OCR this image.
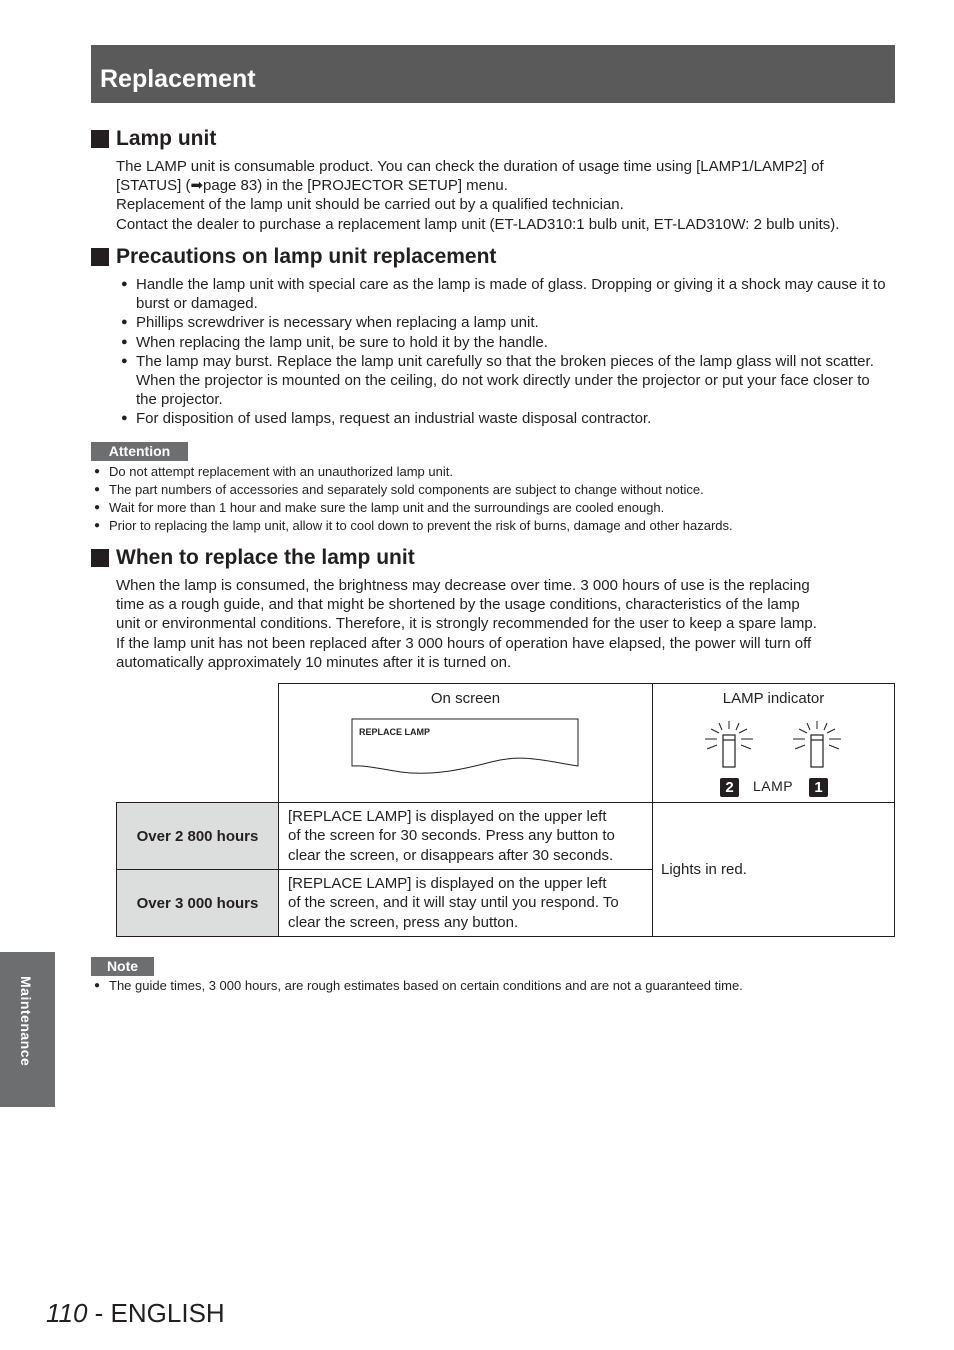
Replacement
Lamp unit

The LAMP unit is consumable product. You can check the duration of usage time using [LAMP1/LAMP2] of

[STATUS] (➡page 83) in the [PROJECTOR SETUP] menu.

Replacement of the lamp unit should be carried out by a qualified technician.

Contact the dealer to purchase a replacement lamp unit (ET-LAD310:1 bulb unit, ET-LAD310W: 2 bulb units).

Precautions on lamp unit replacement
● Handle the lamp unit with special care as the lamp is made of glass. Dropping or giving it a shock may cause it to burst or damaged.
● Phillips screwdriver is necessary when replacing a lamp unit.
● When replacing the lamp unit, be sure to hold it by the handle.
● The lamp may burst. Replace the lamp unit carefully so that the broken pieces of the lamp glass will not scatter. When the projector is mounted on the ceiling, do not work directly under the projector or put your face closer to the projector.
● For disposition of used lamps, request an industrial waste disposal contractor.
Attention
● Do not attempt replacement with an unauthorized lamp unit.
● The part numbers of accessories and separately sold components are subject to change without notice.
● Wait for more than 1 hour and make sure the lamp unit and the surroundings are cooled enough.
● Prior to replacing the lamp unit, allow it to cool down to prevent the risk of burns, damage and other hazards.
When to replace the lamp unit

When the lamp is consumed, the brightness may decrease over time. 3 000 hours of use is the replacing

time as a rough guide, and that might be shortened by the usage conditions, characteristics of the lamp

unit or environmental conditions. Therefore, it is strongly recommended for the user to keep a spare lamp.

If the lamp unit has not been replaced after 3 000 hours of operation have elapsed, the power will turn off

automatically approximately 10 minutes after it is turned on.

	On screen
REPLACE LAMP	LAMP indicator
2 LAMP 1

Over 2 800 hours	[REPLACE LAMP] is displayed on the upper left
of the screen for 30 seconds. Press any button to
clear the screen, or disappears after 30 seconds.	Lights in red.
Over 3 000 hours	[REPLACE LAMP] is displayed on the upper left
of the screen, and it will stay until you respond. To
clear the screen, press any button.	
Note
● The guide times, 3 000 hours, are rough estimates based on certain conditions and are not a guaranteed time.
Maintenance
110 - ENGLISH
